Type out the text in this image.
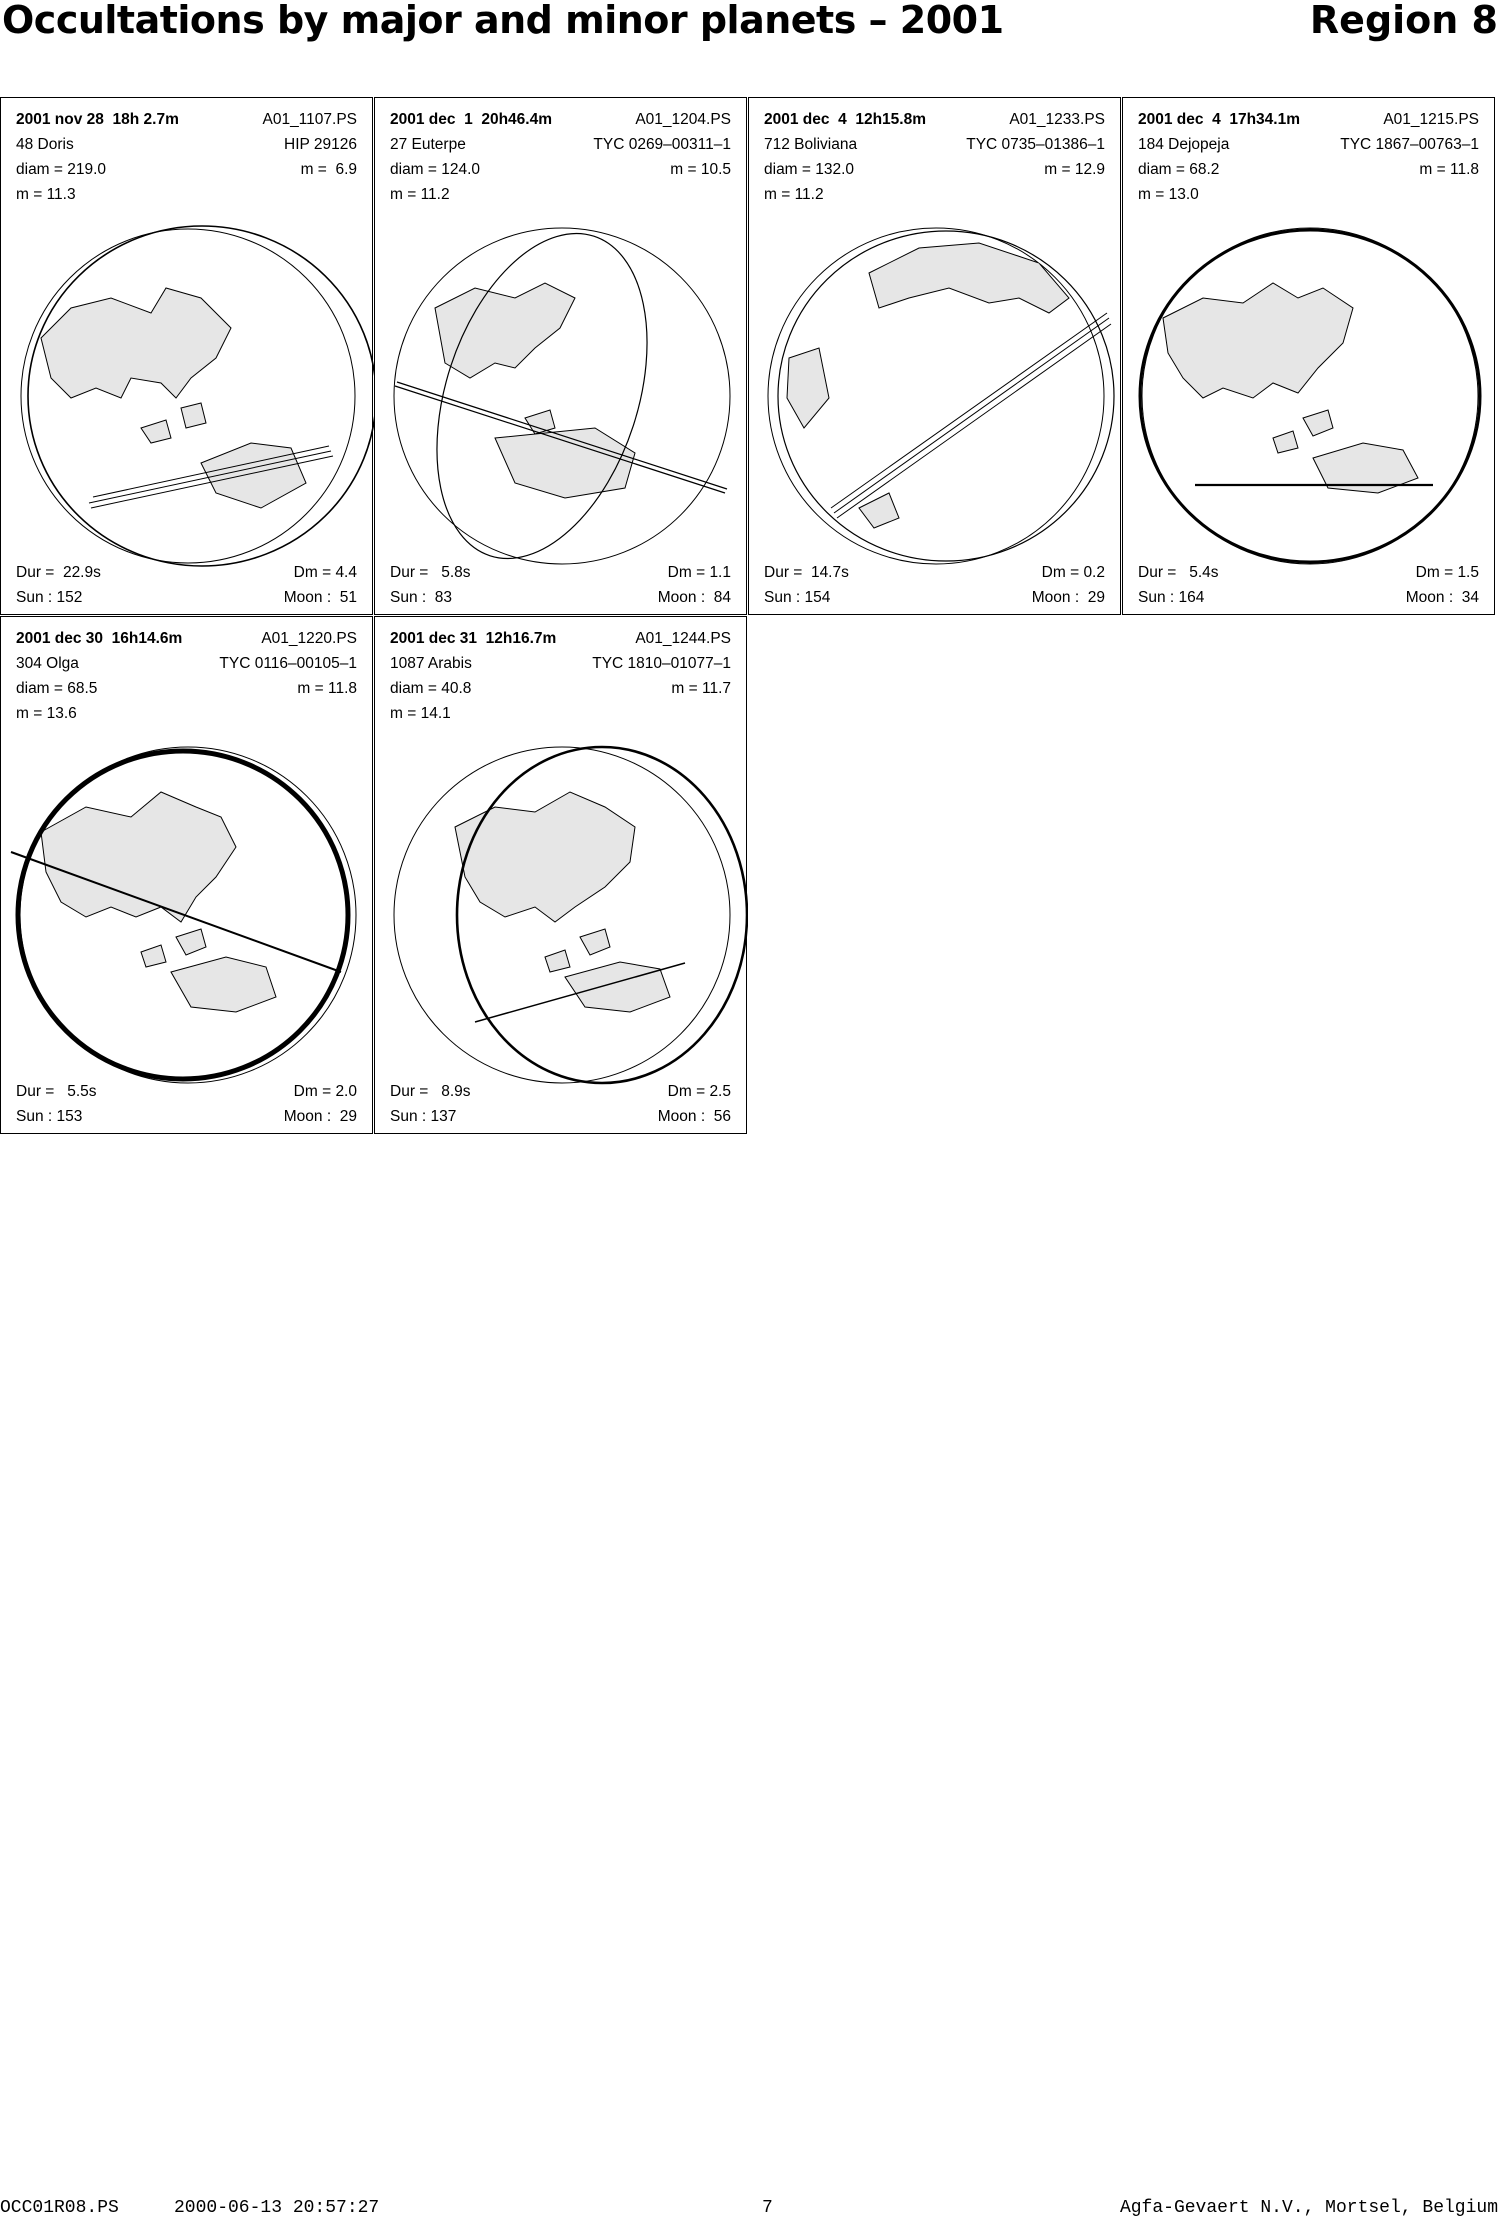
Occultations by major and minor planets – 2001	Region 8
2001 nov 28  18h 2.7m	A01_1107.PS
48 Doris	HIP 29126
diam = 219.0	m =  6.9
m = 11.3
Dur =  22.9s	Dm = 4.4
Sun : 152	Moon :  51
2001 dec  1  20h46.4m	A01_1204.PS
27 Euterpe	TYC 0269–00311–1
diam = 124.0	m = 10.5
m = 11.2
Dur =   5.8s	Dm = 1.1
Sun :  83	Moon :  84
2001 dec  4  12h15.8m	A01_1233.PS
712 Boliviana	TYC 0735–01386–1
diam = 132.0	m = 12.9
m = 11.2
Dur =  14.7s	Dm = 0.2
Sun : 154	Moon :  29
2001 dec  4  17h34.1m	A01_1215.PS
184 Dejopeja	TYC 1867–00763–1
diam = 68.2	m = 11.8
m = 13.0
Dur =   5.4s	Dm = 1.5
Sun : 164	Moon :  34
2001 dec 30  16h14.6m	A01_1220.PS
304 Olga	TYC 0116–00105–1
diam = 68.5	m = 11.8
m = 13.6
Dur =   5.5s	Dm = 2.0
Sun : 153	Moon :  29
2001 dec 31  12h16.7m	A01_1244.PS
1087 Arabis	TYC 1810–01077–1
diam = 40.8	m = 11.7
m = 14.1
Dur =   8.9s	Dm = 2.5
Sun : 137	Moon :  56
OCC01R08.PS	2000-06-13 20:57:27	7	Agfa-Gevaert N.V., Mortsel, Belgium
